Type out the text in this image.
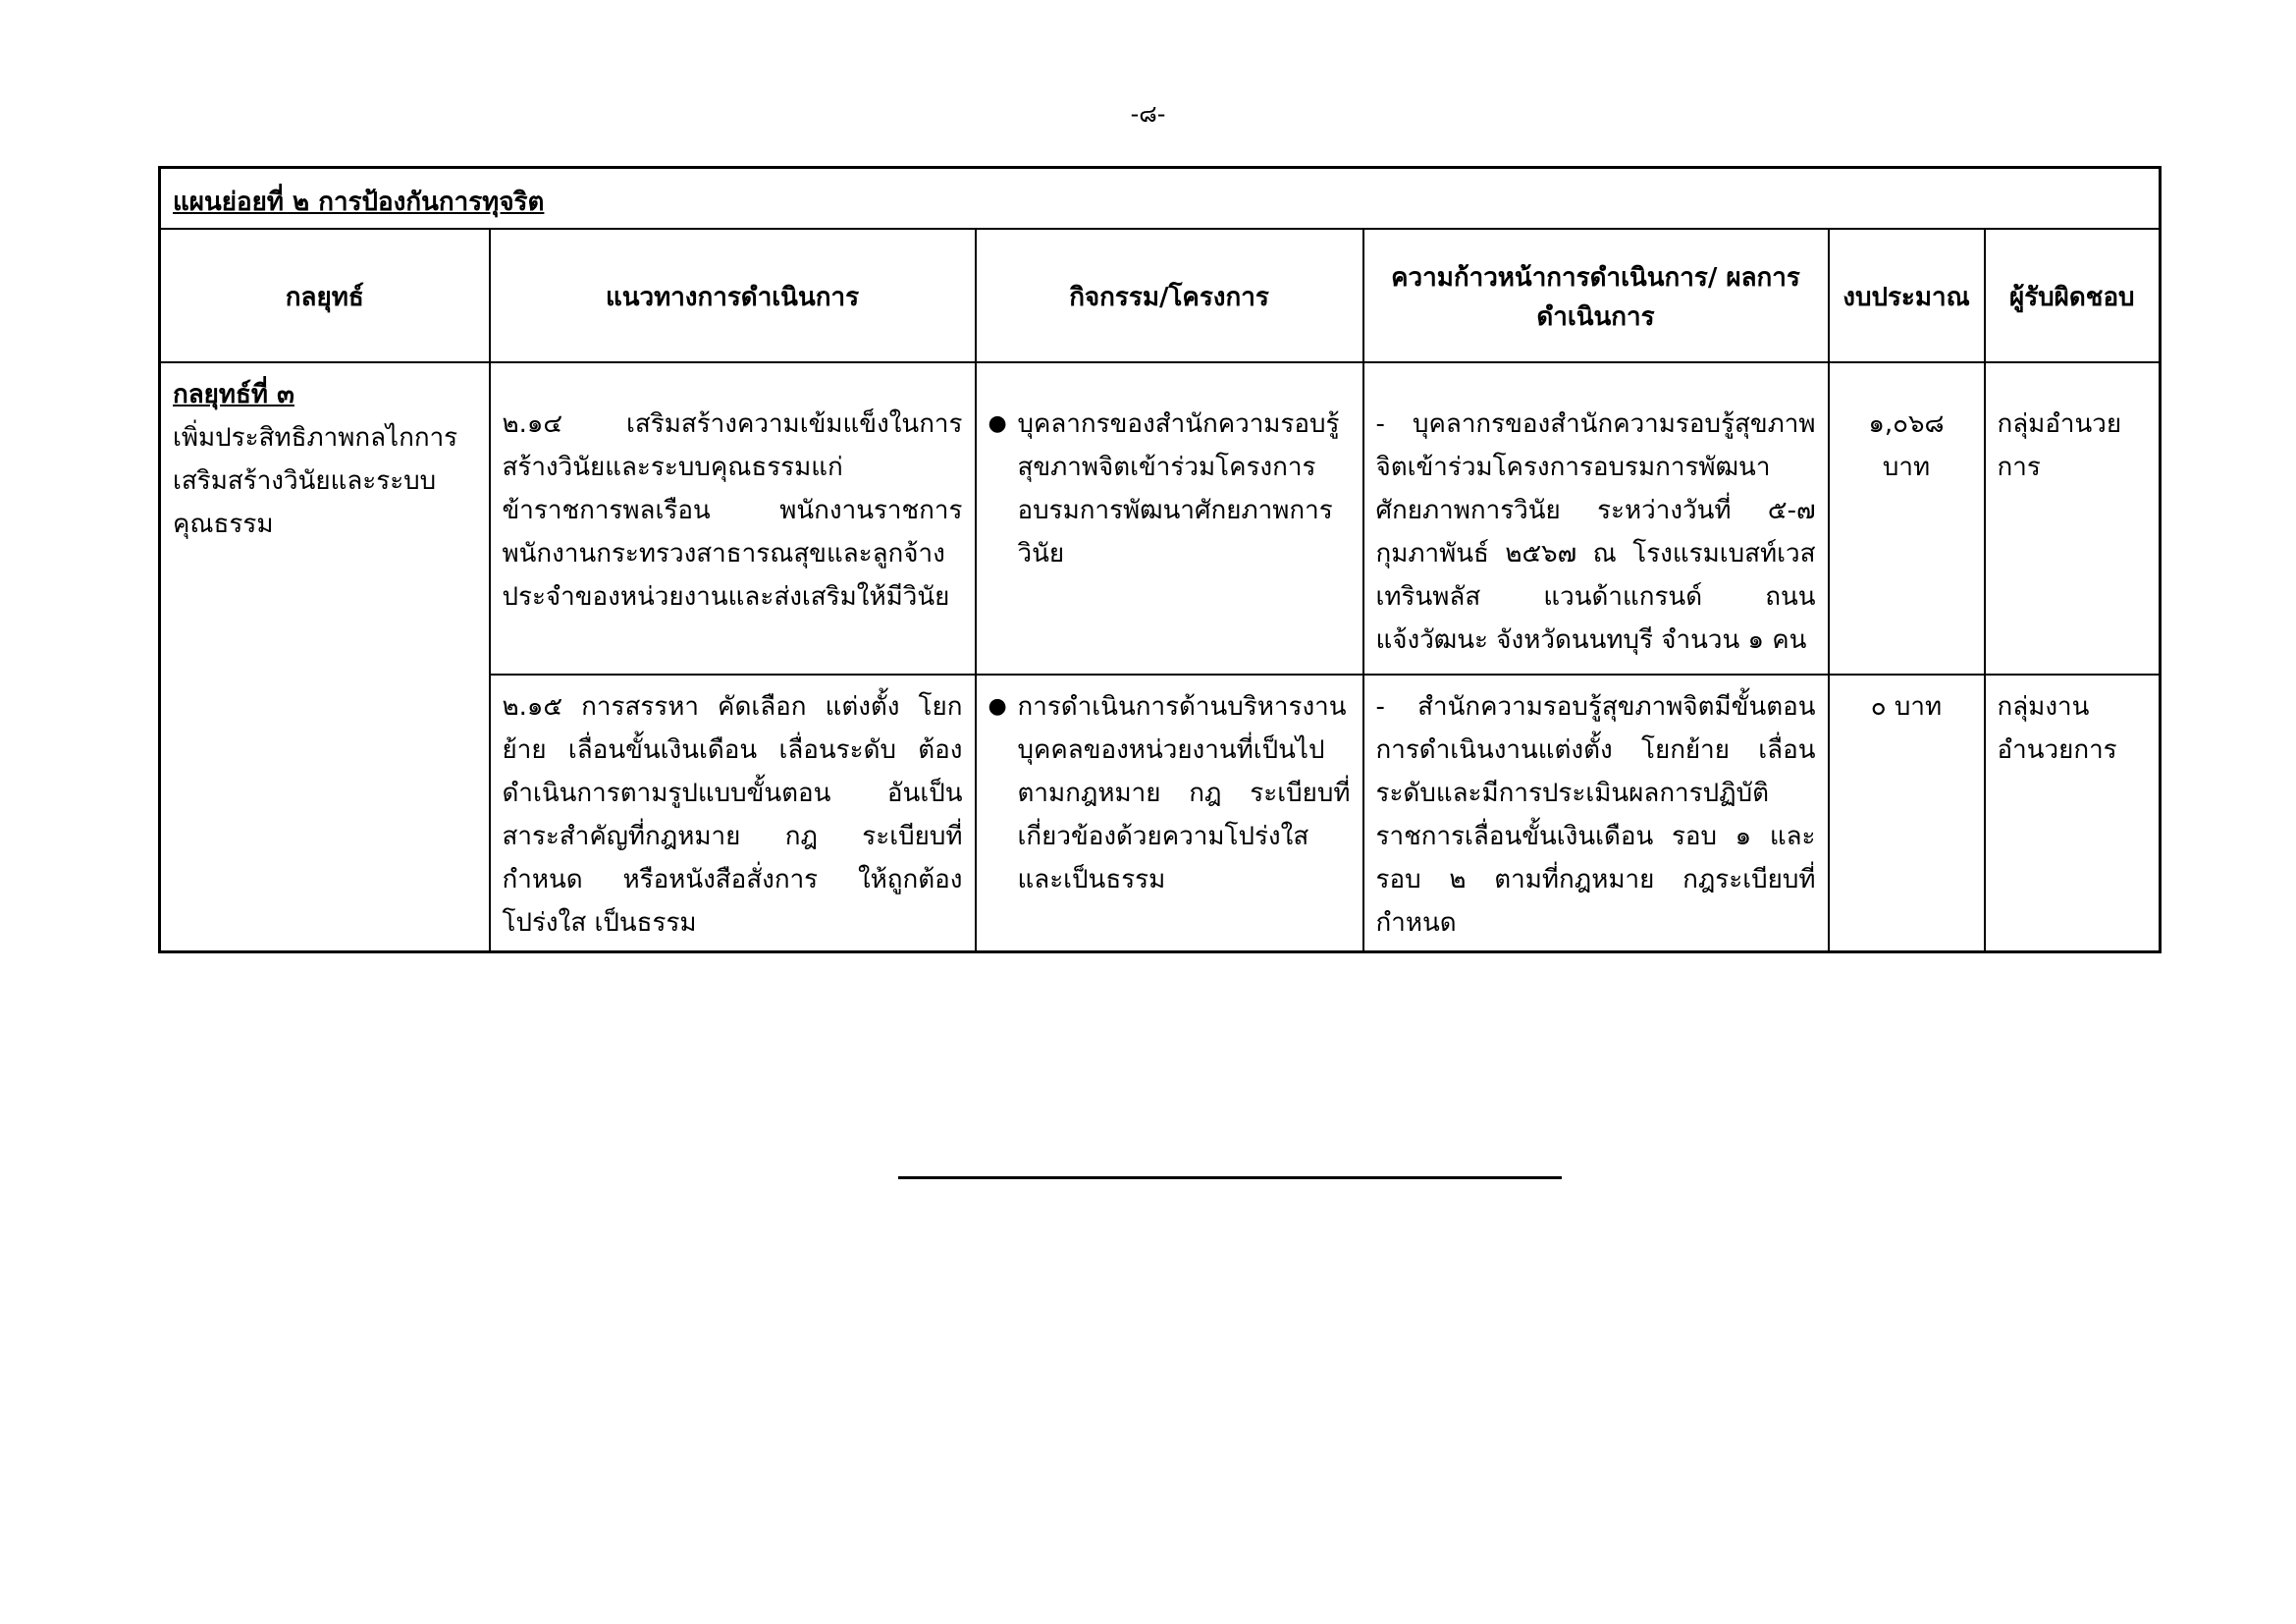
-๘-
แผนย่อยที่ ๒ การป้องกันการทุจริต					
กลยุทธ์	แนวทางการดำเนินการ	กิจกรรม/โครงการ	ความก้าวหน้าการดำเนินการ/ ผลการดำเนินการ	งบประมาณ	ผู้รับผิดชอบ

กลยุทธ์ที่ ๓
เพิ่มประสิทธิภาพกลไกการเสริมสร้างวินัยและระบบคุณธรรม	๒.๑๔ เสริมสร้างความเข้มแข็งในการสร้างวินัยและระบบคุณธรรมแก่ข้าราชการพลเรือน พนักงานราชการ พนักงานกระทรวงสาธารณสุขและลูกจ้างประจำของหน่วยงานและส่งเสริมให้มีวินัย	● บุคลากรของสำนักความรอบรู้สุขภาพจิตเข้าร่วมโครงการอบรมการพัฒนาศักยภาพการวินัย	- บุคลากรของสำนักความรอบรู้สุขภาพจิตเข้าร่วมโครงการอบรมการพัฒนาศักยภาพการวินัย ระหว่างวันที่ ๕-๗ กุมภาพันธ์ ๒๕๖๗ ณ โรงแรมเบสท์เวสเทรินพลัส แวนด้าแกรนด์ ถนนแจ้งวัฒนะ จังหวัดนนทบุรี จำนวน ๑ คน	๑,๐๖๘ บาท	กลุ่มอำนวยการ

	๒.๑๕ การสรรหา คัดเลือก แต่งตั้ง โยกย้าย เลื่อนขั้นเงินเดือน เลื่อนระดับ ต้องดำเนินการตามรูปแบบขั้นตอน อันเป็นสาระสำคัญที่กฎหมาย กฎ ระเบียบที่กำหนด หรือหนังสือสั่งการ ให้ถูกต้อง โปร่งใส เป็นธรรม	● การดำเนินการด้านบริหารงานบุคคลของหน่วยงานที่เป็นไปตามกฎหมาย กฎ ระเบียบที่เกี่ยวข้องด้วยความโปร่งใสและเป็นธรรม	- สำนักความรอบรู้สุขภาพจิตมีขั้นตอนการดำเนินงานแต่งตั้ง โยกย้าย เลื่อนระดับและมีการประเมินผลการปฏิบัติราชการเลื่อนขั้นเงินเดือน รอบ ๑ และรอบ ๒ ตามที่กฎหมาย กฎระเบียบที่กำหนด	๐ บาท	กลุ่มงานอำนวยการ
